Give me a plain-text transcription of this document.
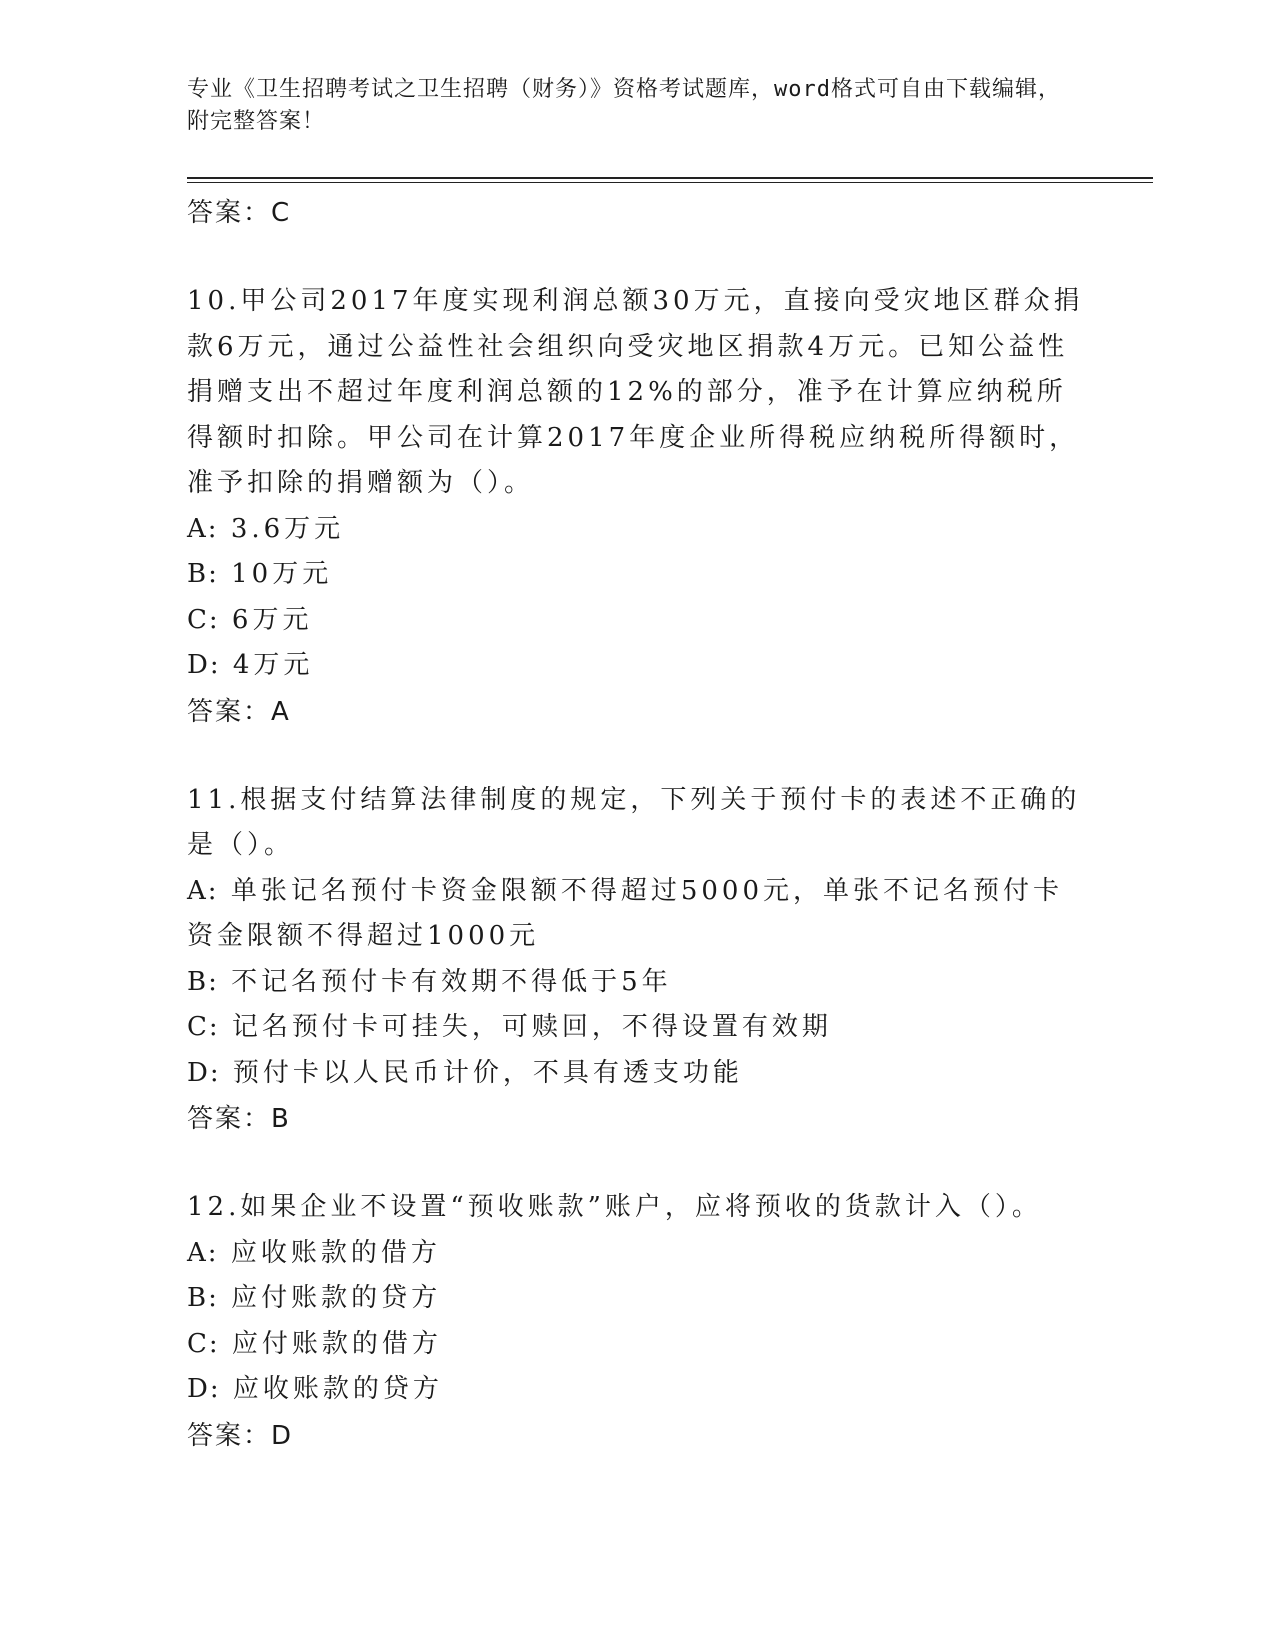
专业《卫生招聘考试之卫生招聘（财务）》资格考试题库，word格式可自由下载编辑，附完整答案！
答案：C
10.甲公司2017年度实现利润总额30万元，直接向受灾地区群众捐款6万元，通过公益性社会组织向受灾地区捐款4万元。已知公益性捐赠支出不超过年度利润总额的12%的部分，准予在计算应纳税所得额时扣除。甲公司在计算2017年度企业所得税应纳税所得额时，准予扣除的捐赠额为（）。
A: 3.6万元
B: 10万元
C: 6万元
D: 4万元
答案：A
11.根据支付结算法律制度的规定，下列关于预付卡的表述不正确的是（）。
A: 单张记名预付卡资金限额不得超过5000元，单张不记名预付卡资金限额不得超过1000元
B: 不记名预付卡有效期不得低于5年
C: 记名预付卡可挂失，可赎回，不得设置有效期
D: 预付卡以人民币计价，不具有透支功能
答案：B
12.如果企业不设置“预收账款”账户，应将预收的货款计入（）。
A: 应收账款的借方
B: 应付账款的贷方
C: 应付账款的借方
D: 应收账款的贷方
答案：D
